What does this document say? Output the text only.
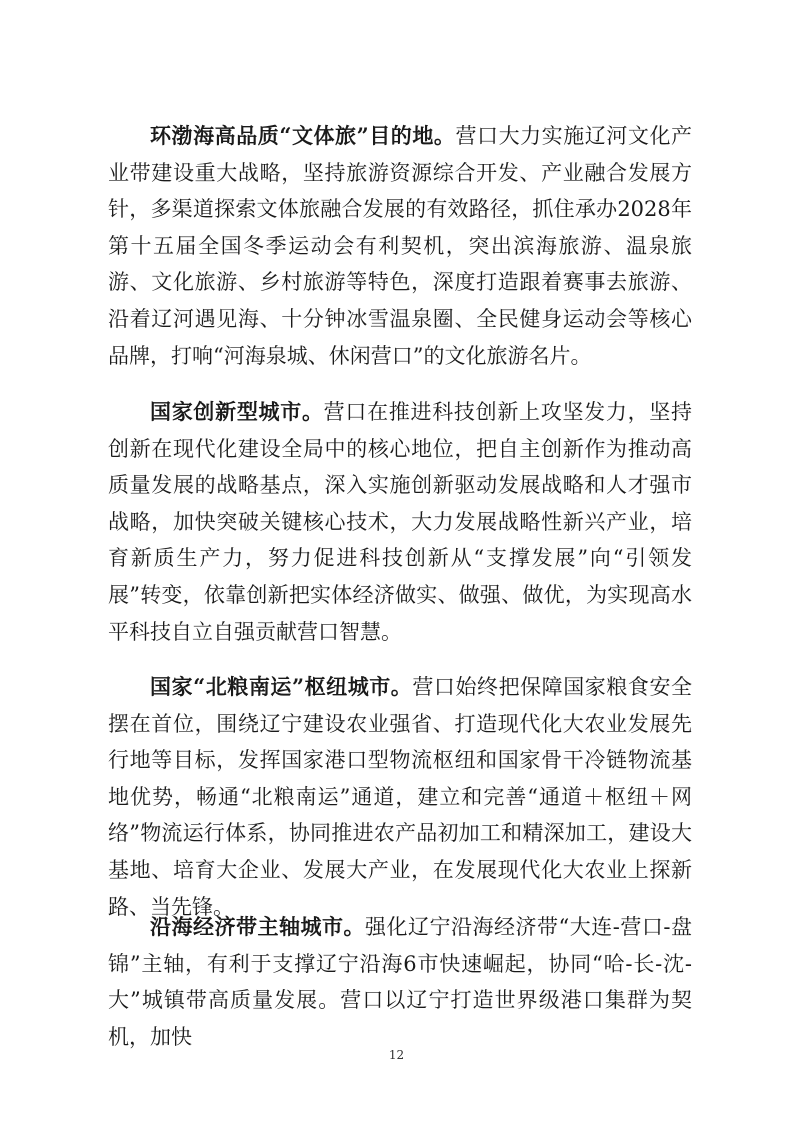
环渤海高品质“文体旅”目的地。营口大力实施辽河文化产业带建设重大战略，坚持旅游资源综合开发、产业融合发展方针，多渠道探索文体旅融合发展的有效路径，抓住承办2028年第十五届全国冬季运动会有利契机，突出滨海旅游、温泉旅游、文化旅游、乡村旅游等特色，深度打造跟着赛事去旅游、沿着辽河遇见海、十分钟冰雪温泉圈、全民健身运动会等核心品牌，打响“河海泉城、休闲营口”的文化旅游名片。

国家创新型城市。营口在推进科技创新上攻坚发力，坚持创新在现代化建设全局中的核心地位，把自主创新作为推动高质量发展的战略基点，深入实施创新驱动发展战略和人才强市战略，加快突破关键核心技术，大力发展战略性新兴产业，培育新质生产力，努力促进科技创新从“支撑发展”向“引领发展”转变，依靠创新把实体经济做实、做强、做优，为实现高水平科技自立自强贡献营口智慧。

国家“北粮南运”枢纽城市。营口始终把保障国家粮食安全摆在首位，围绕辽宁建设农业强省、打造现代化大农业发展先行地等目标，发挥国家港口型物流枢纽和国家骨干冷链物流基地优势，畅通“北粮南运”通道，建立和完善“通道＋枢纽＋网络”物流运行体系，协同推进农产品初加工和精深加工，建设大基地、培育大企业、发展大产业，在发展现代化大农业上探新路、当先锋。

沿海经济带主轴城市。强化辽宁沿海经济带“大连-营口-盘锦”主轴，有利于支撑辽宁沿海6市快速崛起，协同“哈-长-沈-大”城镇带高质量发展。营口以辽宁打造世界级港口集群为契机，加快

12
